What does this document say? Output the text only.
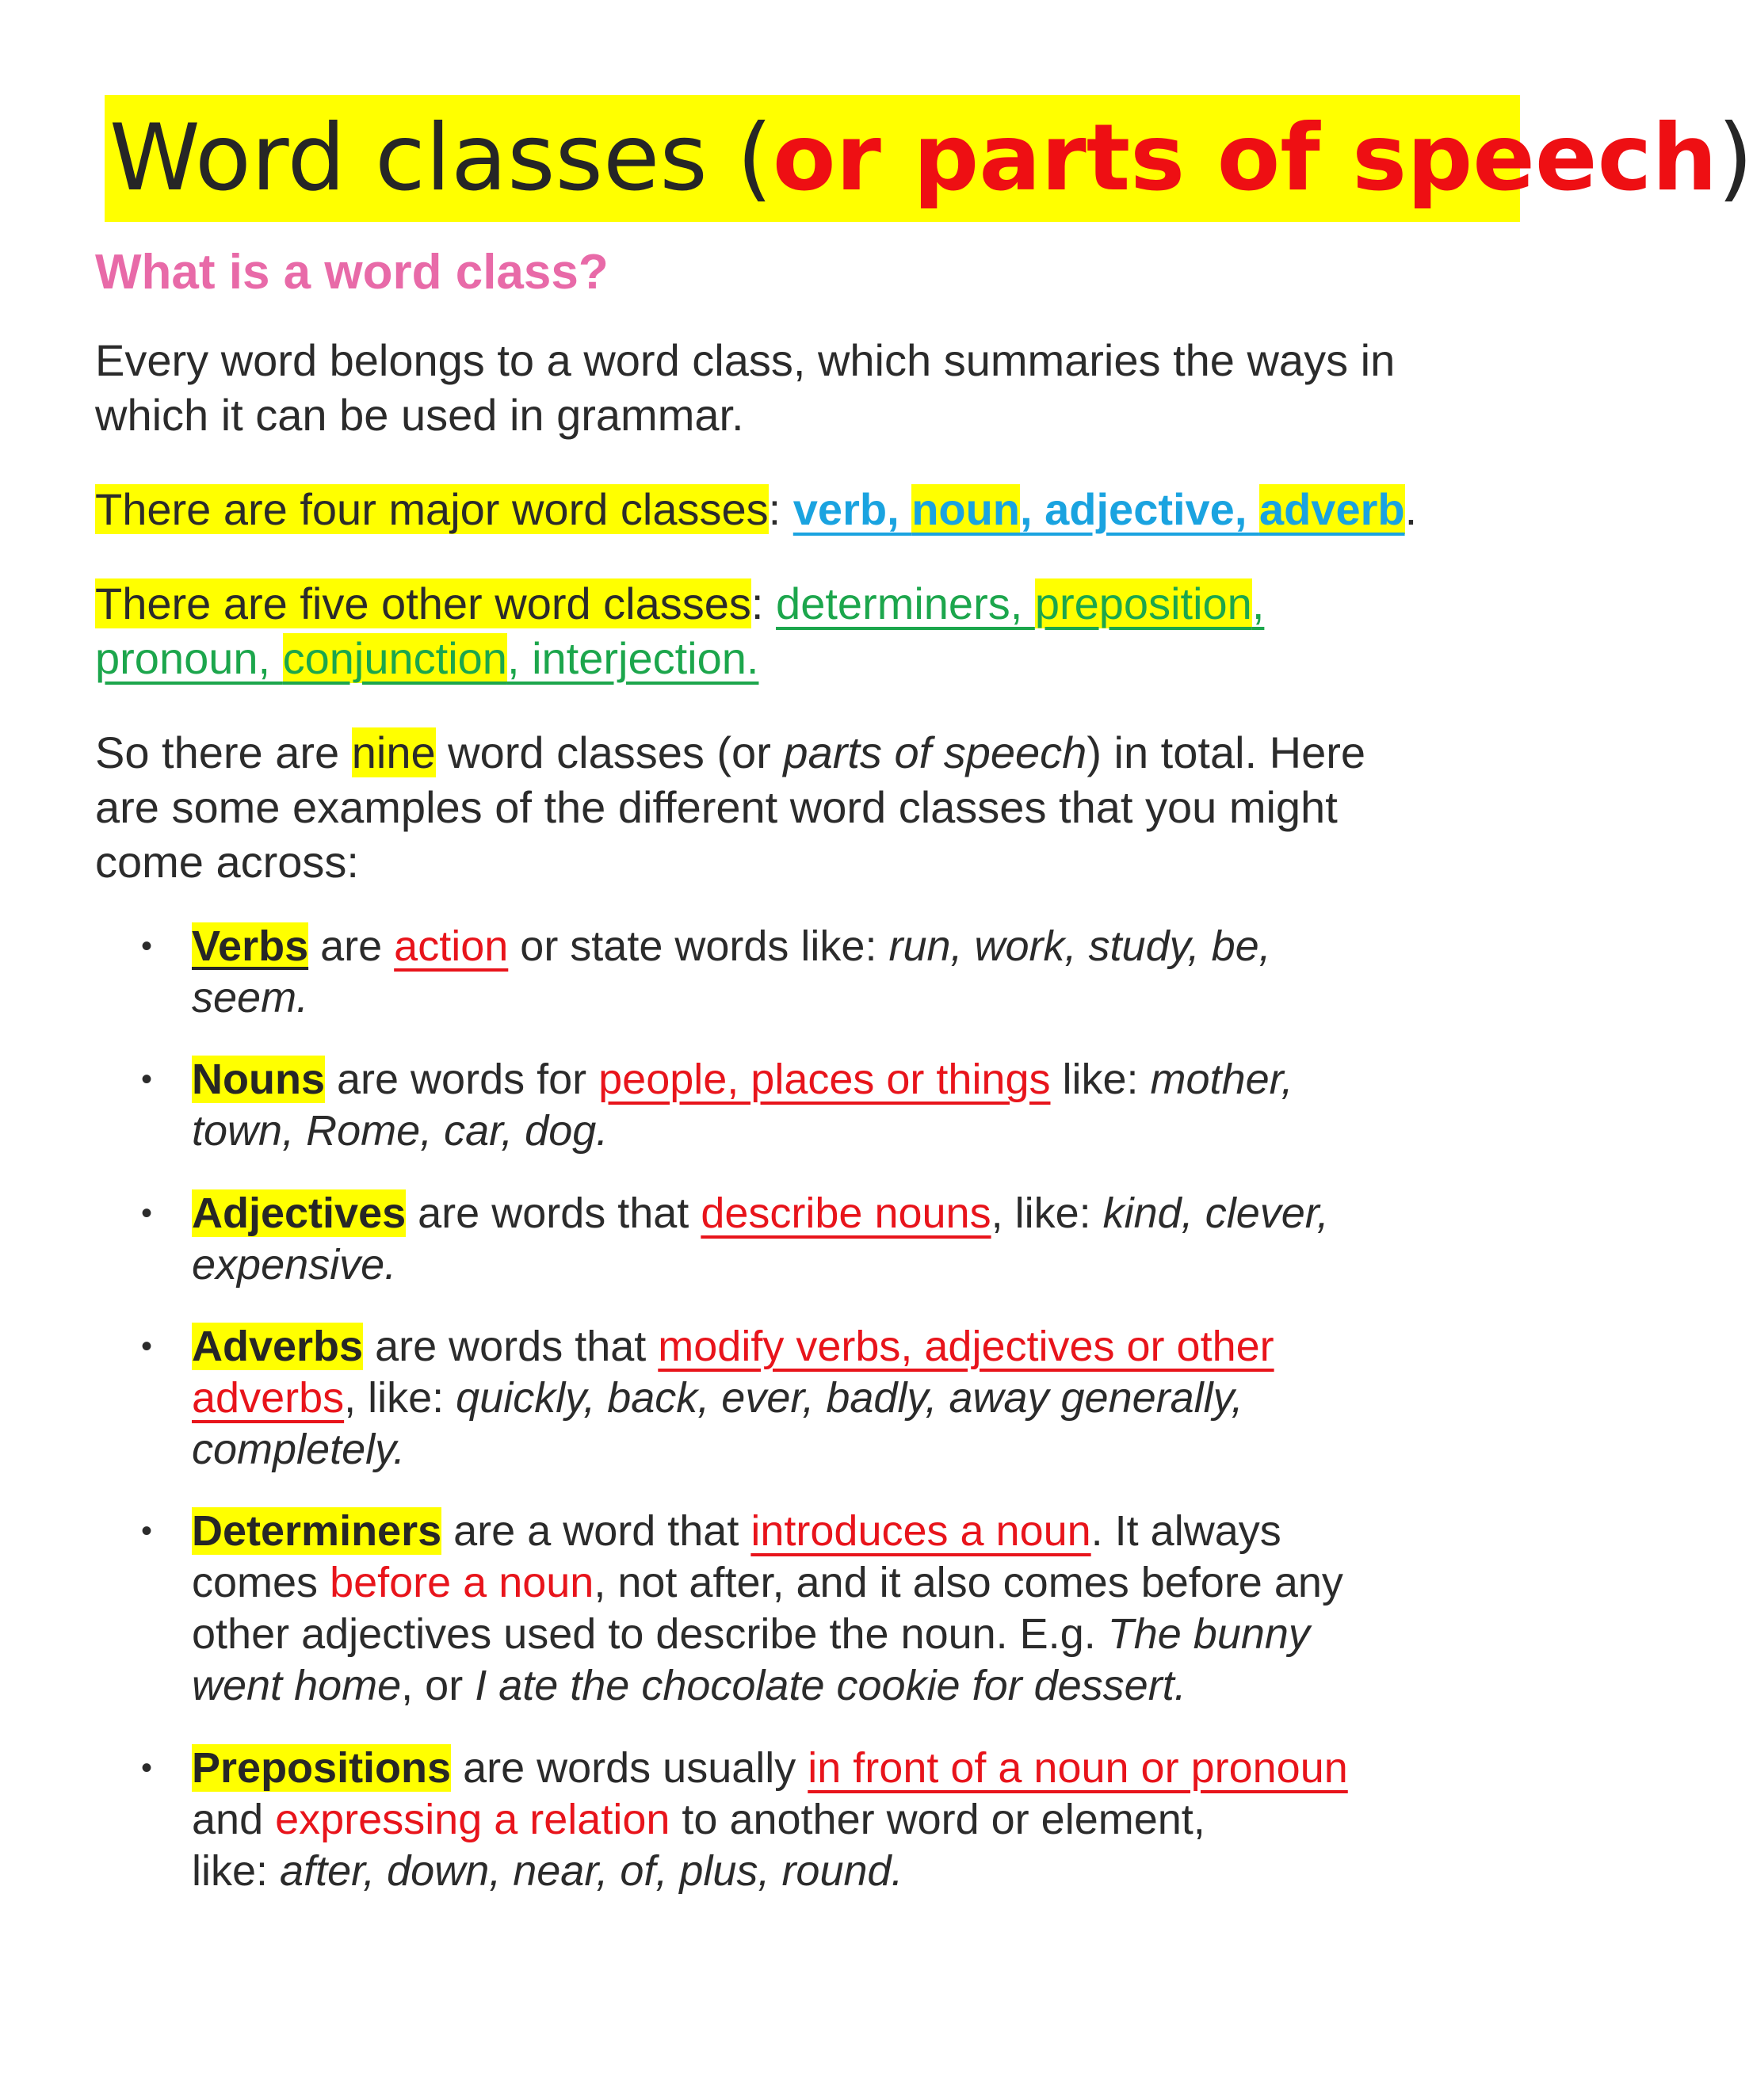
Word classes (or parts of speech)
What is a word class?
Every word belongs to a word class, which summaries the ways in
which it can be used in grammar.
There are four major word classes: verb, noun, adjective, adverb.
There are five other word classes: determiners, preposition,
pronoun, conjunction, interjection.
So there are nine word classes (or parts of speech) in total. Here
are some examples of the different word classes that you might
come across:
• Verbs are action or state words like: run, work, study, be,
seem.
• Nouns are words for people, places or things like: mother,
town, Rome, car, dog.
• Adjectives are words that describe nouns, like: kind, clever,
expensive.
• Adverbs are words that modify verbs, adjectives or other
adverbs, like: quickly, back, ever, badly, away generally,
completely.
• Determiners are a word that introduces a noun. It always
comes before a noun, not after, and it also comes before any
other adjectives used to describe the noun. E.g. The bunny
went home, or I ate the chocolate cookie for dessert.
• Prepositions are words usually in front of a noun or pronoun
and expressing a relation to another word or element,
like: after, down, near, of, plus, round.
